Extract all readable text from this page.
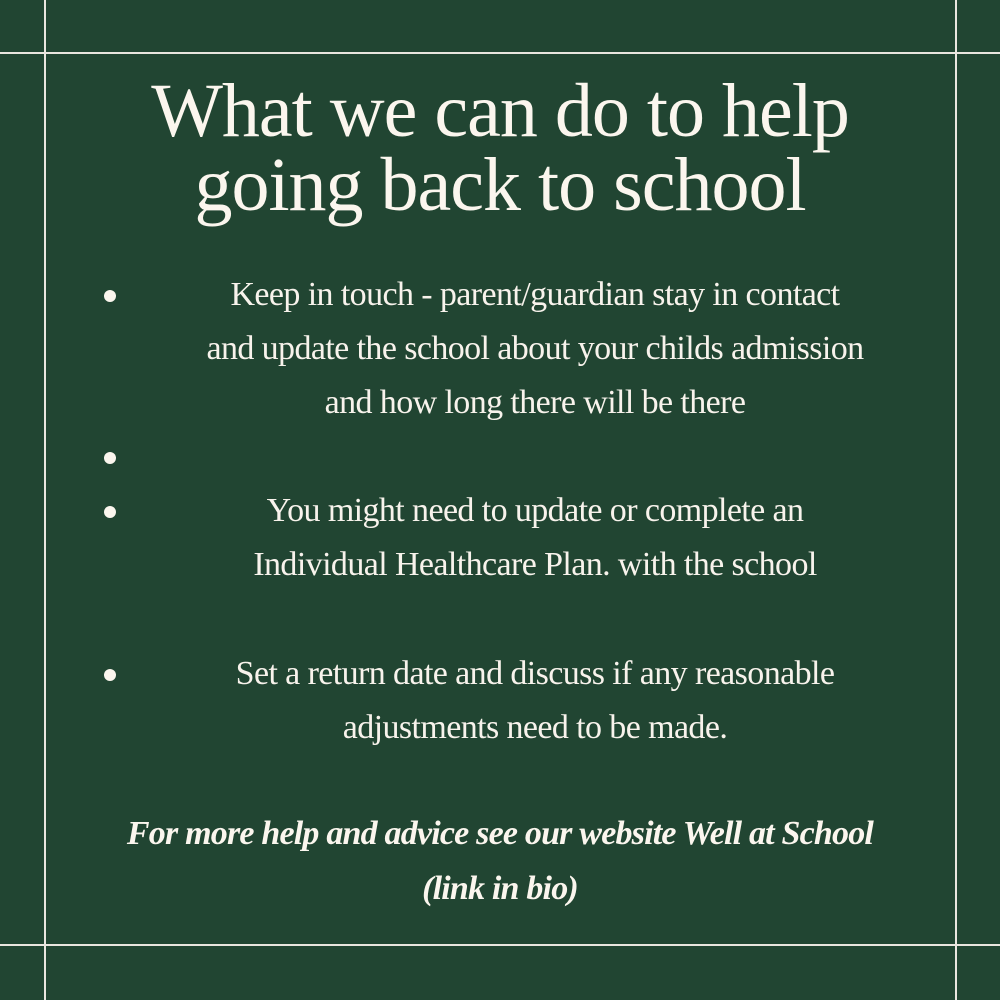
What we can do to help
going back to school
Keep in touch - parent/guardian stay in contact
and update the school about your childs admission
and how long there will be there
You might need to update or complete an
Individual Healthcare Plan. with the school
Set a return date and discuss if any reasonable
adjustments need to be made.

For more help and advice see our website Well at School
(link in bio)
